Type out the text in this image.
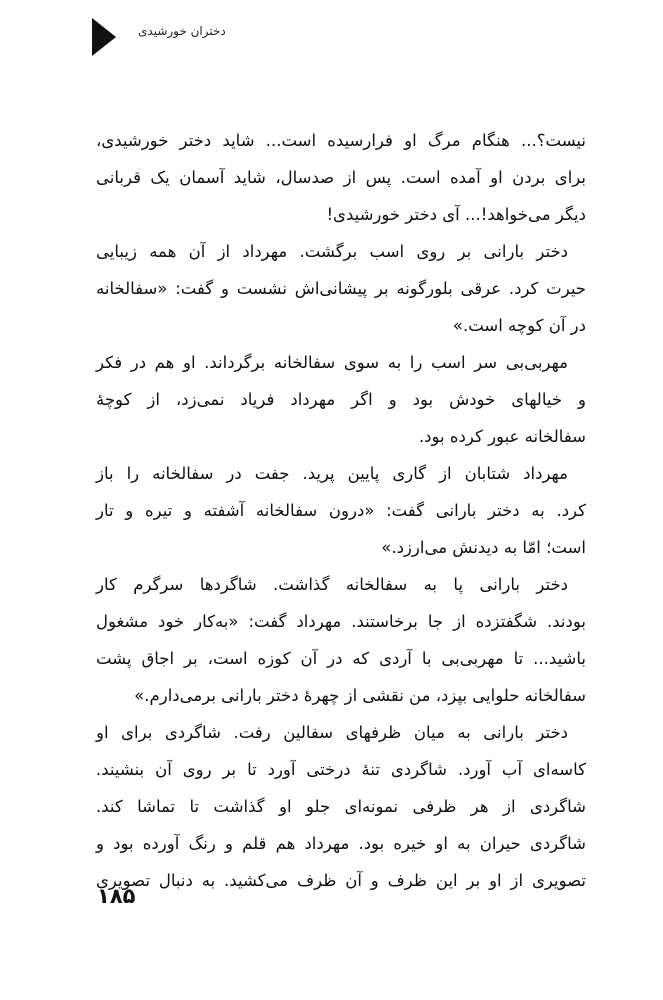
دختران خورشیدی
نیست؟... هنگام مرگ او فرارسیده است... شاید دختر خورشیدی،
برای بردن او آمده است. پس از صدسال، شاید آسمان یک قربانی
دیگر می‌خواهد!... آی دختر خورشیدی!
دختر بارانی بر روی اسب برگشت. مهرداد از آن همه زیبایی
حیرت کرد. عرقی بلورگونه بر پیشانی‌اش نشست و گفت: «سفالخانه
در آن کوچه است.»
مهربی‌بی سر اسب را به سوی سفالخانه برگرداند. او هم در فکر
و خیالهای خودش بود و اگر مهرداد فریاد نمی‌زد، از کوچۀ
سفالخانه عبور کرده بود.
مهرداد شتابان از گاری پایین پرید. جفت در سفالخانه را باز
کرد. به دختر بارانی گفت: «درون سفالخانه آشفته و تیره و تار
است؛ امّا به دیدنش می‌ارزد.»
دختر بارانی پا به سفالخانه گذاشت. شاگردها سرگرم کار
بودند. شگفتزده از جا برخاستند. مهرداد گفت: «به‌کار خود مشغول
باشید... تا مهربی‌بی با آردی که در آن کوزه است، بر اجاق پشت
سفالخانه حلوایی بپزد، من نقشی از چهرۀ دختر بارانی برمی‌دارم.»
دختر بارانی به میان ظرفهای سفالین رفت. شاگردی برای او
کاسه‌ای آب آورد. شاگردی تنۀ درختی آورد تا بر روی آن بنشیند.
شاگردی از هر ظرفی نمونه‌ای جلو او گذاشت تا تماشا کند.
شاگردی حیران به او خیره بود. مهرداد هم قلم و رنگ آورده بود و
تصویری از او بر این ظرف و آن ظرف می‌کشید. به دنبال تصویری
۱۸۵
